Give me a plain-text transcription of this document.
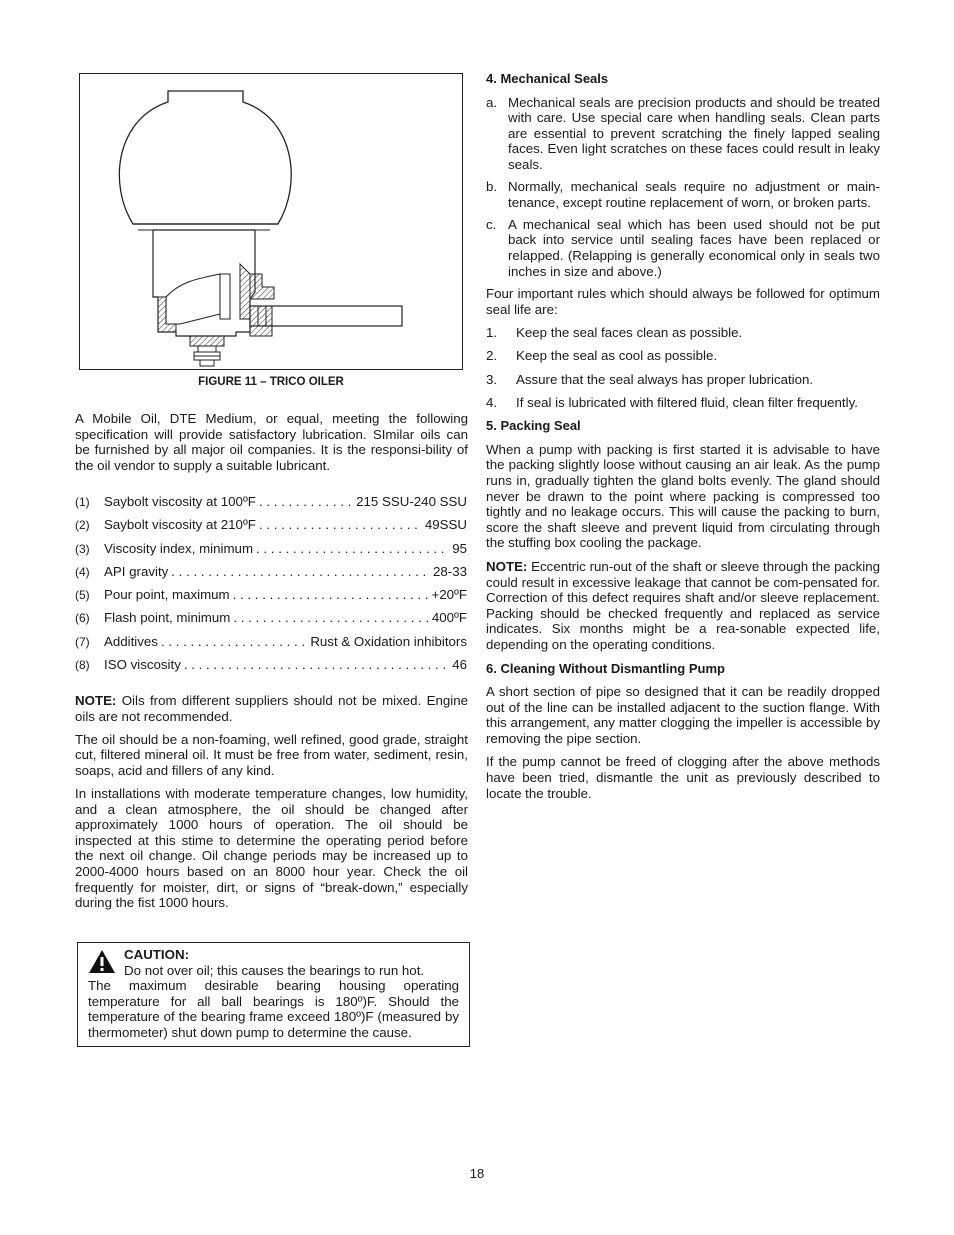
FIGURE 11 – TRICO OILER

A Mobile Oil, DTE Medium, or equal, meeting the following specification will provide satisfactory lubrication. SImilar oils can be furnished by all major oil companies. It is the responsi-bility of the oil vendor to supply a suitable lubricant.

(1)	Saybolt viscosity at 100ºF . . .	215 SSU-240 SSU
(2)	Saybolt viscosity at 210ºF . . .	49SSU
(3)	Viscosity index, minimum . . .	95
(4)	API gravity . . .	28-33
(5)	Pour point, maximum . . .	+20ºF
(6)	Flash point, minimum . . .	400ºF
(7)	Additives . . .	Rust & Oxidation inhibitors
(8)	ISO viscosity . . .	46

NOTE: Oils from different suppliers should not be mixed. Engine oils are not recommended.

The oil should be a non-foaming, well refined, good grade, straight cut, filtered mineral oil. It must be free from water, sediment, resin, soaps, acid and fillers of any kind.

In installations with moderate temperature changes, low humidity, and a clean atmosphere, the oil should be changed after approximately 1000 hours of operation. The oil should be inspected at this stime to determine the operating period before the next oil change. Oil change periods may be increased up to 2000-4000 hours based on an 8000 hour year. Check the oil frequently for moister, dirt, or signs of “break-down,” especially during the fist 1000 hours.

CAUTION:
Do not over oil; this causes the bearings to run hot.

The maximum desirable bearing housing operating temperature for all ball bearings is 180º)F. Should the temperature of the bearing frame exceed 180º)F (measured by thermometer) shut down pump to determine the cause.

4. Mechanical Seals
a. Mechanical seals are precision products and should be treated with care. Use special care when handling seals. Clean parts are essential to prevent scratching the finely lapped sealing faces. Even light scratches on these faces could result in leaky seals.
b. Normally, mechanical seals require no adjustment or main-tenance, except routine replacement of worn, or broken parts.
c. A mechanical seal which has been used should not be put back into service until sealing faces have been replaced or relapped. (Relapping is generally economical only in seals two inches in size and above.)

Four important rules which should always be followed for optimum seal life are:

1.	Keep the seal faces clean as possible.
2.	Keep the seal as cool as possible.
3.	Assure that the seal always has proper lubrication.
4.	If seal is lubricated with filtered fluid, clean filter frequently.
5. Packing Seal

When a pump with packing is first started it is advisable to have the packing slightly loose without causing an air leak. As the pump runs in, gradually tighten the gland bolts evenly. The gland should never be drawn to the point where packing is compressed too tightly and no leakage occurs. This will cause the packing to burn, score the shaft sleeve and prevent liquid from circulating through the stuffing box cooling the package.

NOTE: Eccentric run-out of the shaft or sleeve through the packing could result in excessive leakage that cannot be com-pensated for. Correction of this defect requires shaft and/or sleeve replacement. Packing should be checked frequently and replaced as service indicates. Six months might be a rea-sonable expected life, depending on the operating conditions.

6. Cleaning Without Dismantling Pump

A short section of pipe so designed that it can be readily dropped out of the line can be installed adjacent to the suction flange. With this arrangement, any matter clogging the impeller is accessible by removing the pipe section.

If the pump cannot be freed of clogging after the above methods have been tried, dismantle the unit as previously described to locate the trouble.

18
